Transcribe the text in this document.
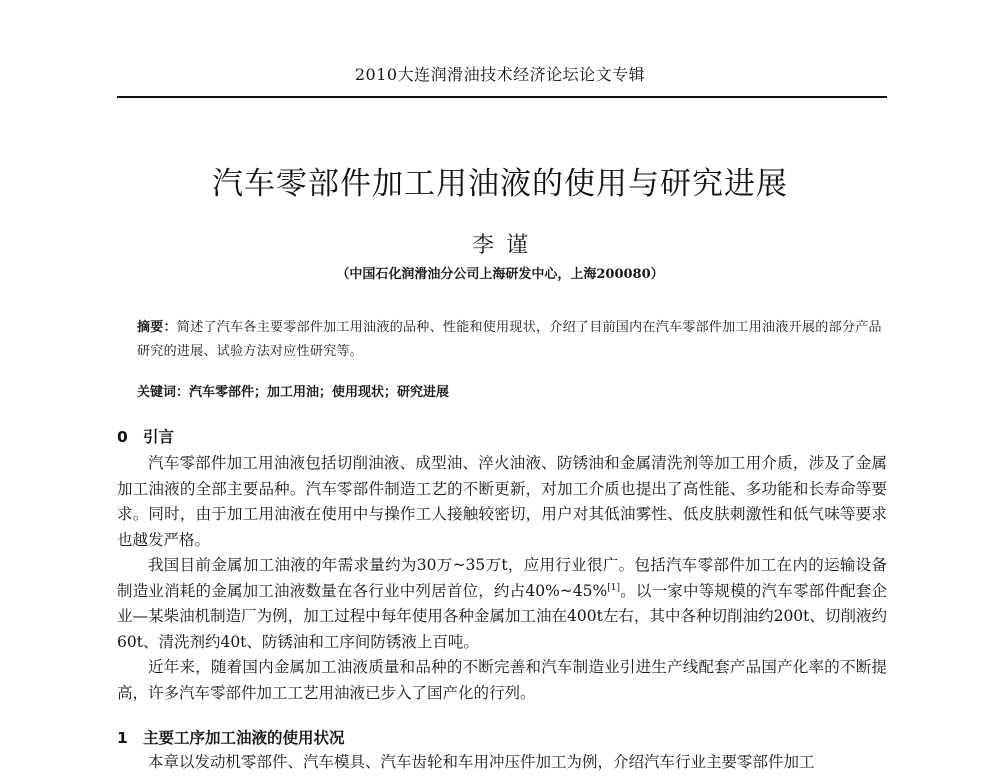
2010大连润滑油技术经济论坛论文专辑
汽车零部件加工用油液的使用与研究进展
李谨
（中国石化润滑油分公司上海研发中心，上海200080）
摘要：简述了汽车各主要零部件加工用油液的品种、性能和使用现状，介绍了目前国内在汽车零部件加工用油液开展的部分产品研究的进展、试验方法对应性研究等。
关键词：汽车零部件；加工用油；使用现状；研究进展
0 引言

汽车零部件加工用油液包括切削油液、成型油、淬火油液、防锈油和金属清洗剂等加工用介质，涉及了金属加工油液的全部主要品种。汽车零部件制造工艺的不断更新，对加工介质也提出了高性能、多功能和长寿命等要求。同时，由于加工用油液在使用中与操作工人接触较密切，用户对其低油雾性、低皮肤刺激性和低气味等要求也越发严格。

我国目前金属加工油液的年需求量约为30万~35万t，应用行业很广。包括汽车零部件加工在内的运输设备制造业消耗的金属加工油液数量在各行业中列居首位，约占40%~45%[1]。以一家中等规模的汽车零部件配套企业—某柴油机制造厂为例，加工过程中每年使用各种金属加工油在400t左右，其中各种切削油约200t、切削液约60t、清洗剂约40t、防锈油和工序间防锈液上百吨。

近年来，随着国内金属加工油液质量和品种的不断完善和汽车制造业引进生产线配套产品国产化率的不断提高，许多汽车零部件加工工艺用油液已步入了国产化的行列。

1 主要工序加工油液的使用状况
本章以发动机零部件、汽车模具、汽车齿轮和车用冲压件加工为例，介绍汽车行业主要零部件加工
